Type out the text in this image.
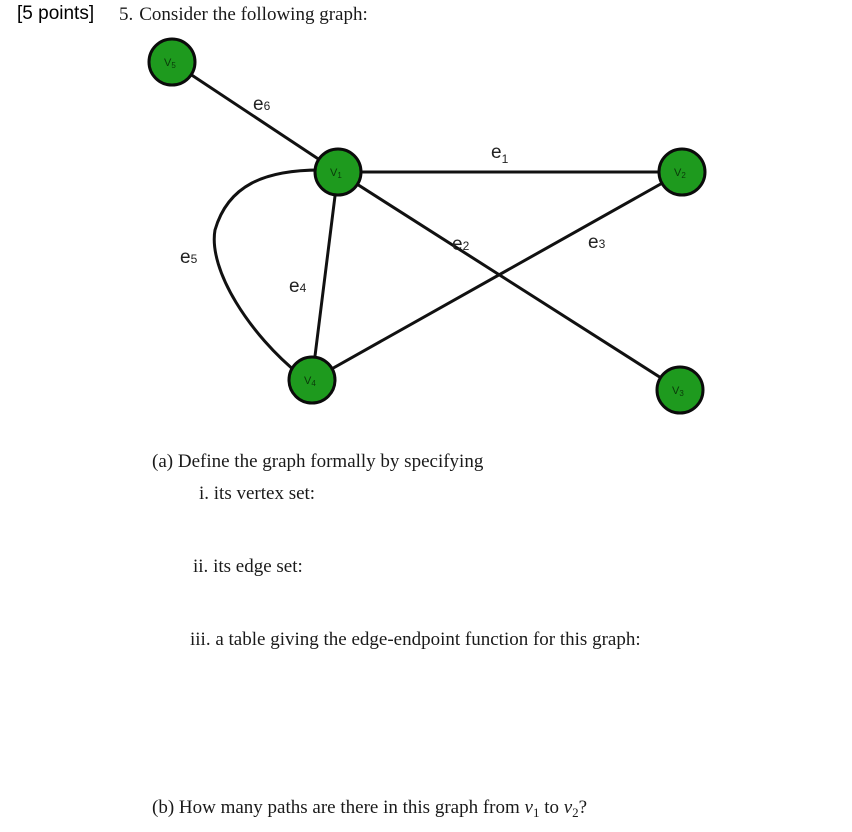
[5 points] 5. Consider the following graph:
e6
$e_1$
e2	e3
e4
e5
V5
V1	V2
V3
V4
(a) Define the graph formally by specifying
i. its vertex set:
ii. its edge set:
iii. a table giving the edge-endpoint function for this graph:
(b) How many paths are there in this graph from $v_1$ to $v_2$?
